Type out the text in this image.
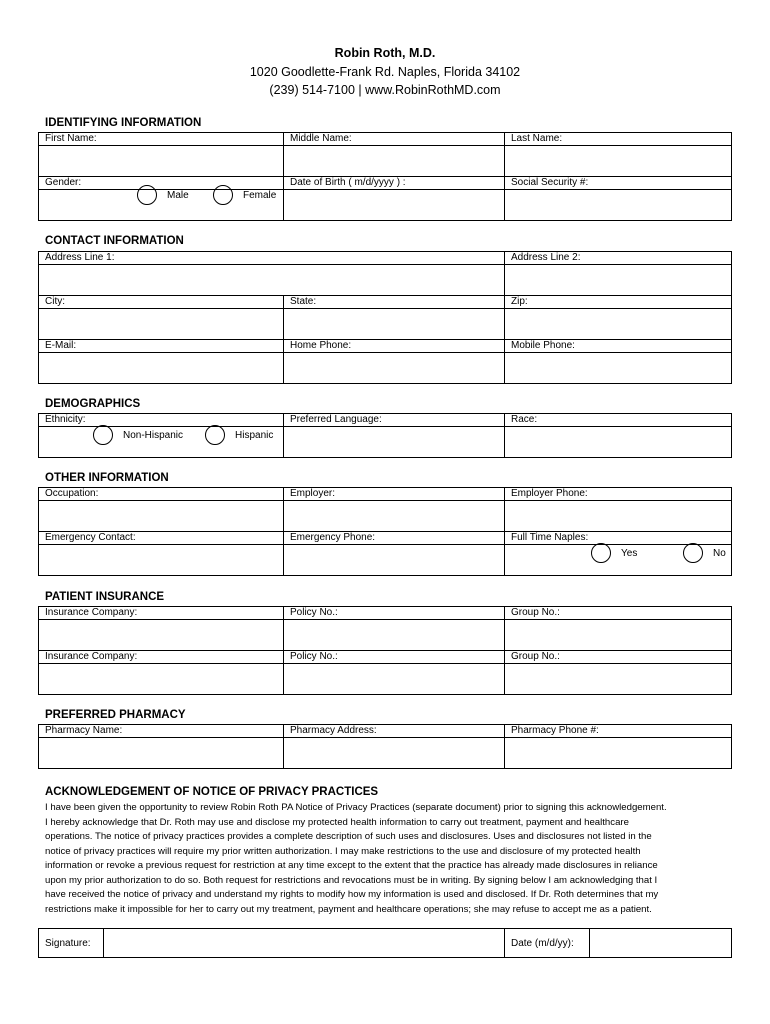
Robin Roth, M.D.
1020 Goodlette-Frank Rd. Naples, Florida 34102
(239) 514-7100 | www.RobinRothMD.com
IDENTIFYING INFORMATION
First Name:	Middle Name:	Last Name:

Gender:	Date of Birth ( m/d/yyyy ) :	Social Security #:

Male Female		

CONTACT INFORMATION
Address Line 1:		Address Line 2:

City:	State:	Zip:

E-Mail:	Home Phone:	Mobile Phone:

DEMOGRAPHICS
Ethnicity:	Preferred Language:	Race:

Non-Hispanic Hispanic		

OTHER INFORMATION
Occupation:	Employer:	Employer Phone:

Emergency Contact:	Emergency Phone:	Full Time Naples:

		Yes No
PATIENT INSURANCE
Insurance Company:	Policy No.:	Group No.:

Insurance Company:	Policy No.:	Group No.:

PREFERRED PHARMACY
Pharmacy Name:	Pharmacy Address:	Pharmacy Phone #:

ACKNOWLEDGEMENT OF NOTICE OF PRIVACY PRACTICES
I have been given the opportunity to review Robin Roth PA Notice of Privacy Practices (separate document) prior to signing this acknowledgement.
I hereby acknowledge that Dr. Roth may use and disclose my protected health information to carry out treatment, payment and healthcare
operations. The notice of privacy practices provides a complete description of such uses and disclosures. Uses and disclosures not listed in the
notice of privacy practices will require my prior written authorization. I may make restrictions to the use and disclosure of my protected health
information or revoke a previous request for restriction at any time except to the extent that the practice has already made disclosures in reliance
upon my prior authorization to do so. Both request for restrictions and revocations must be in writing. By signing below I am acknowledging that I
have received the notice of privacy and understand my rights to modify how my information is used and disclosed. If Dr. Roth determines that my
restrictions make it impossible for her to carry out my treatment, payment and healthcare operations; she may refuse to accept me as a patient.
Signature:		Date (m/d/yy):	
